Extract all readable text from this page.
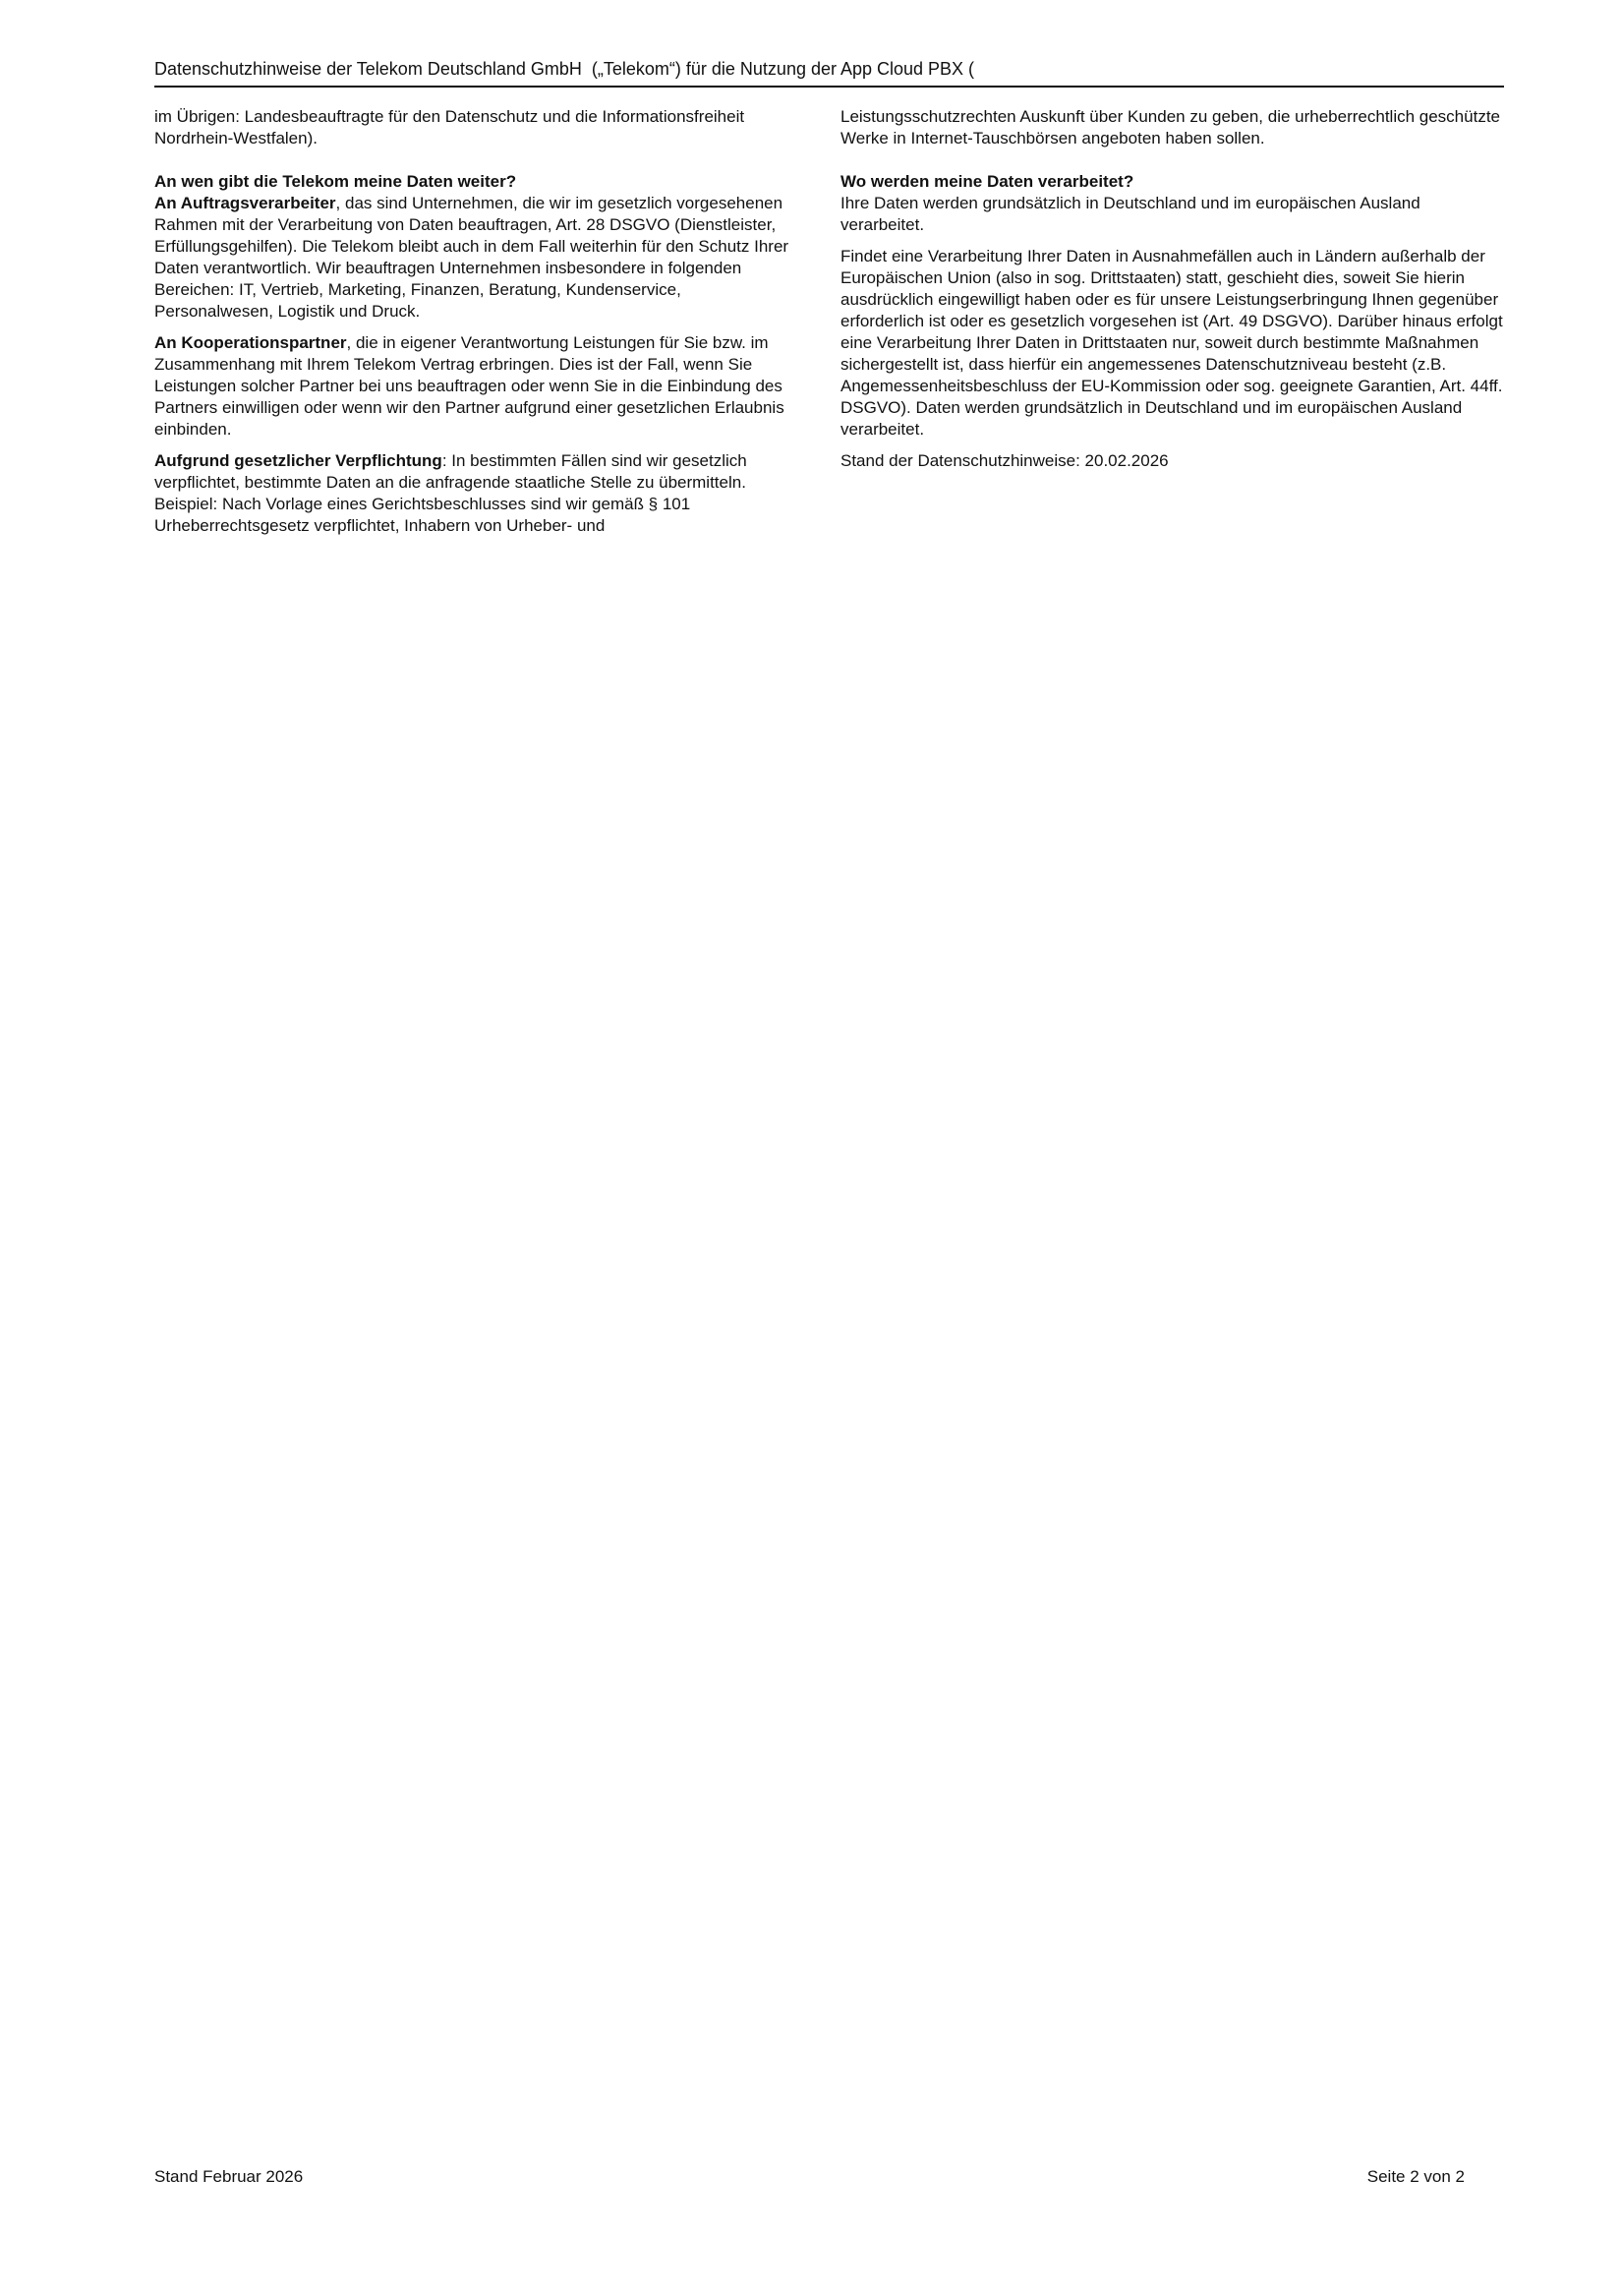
Datenschutzhinweise der Telekom Deutschland GmbH  („Telekom“) für die Nutzung der App Cloud PBX (

im Übrigen: Landesbeauftragte für den Datenschutz und die Informationsfreiheit Nordrhein-Westfalen).

An wen gibt die Telekom meine Daten weiter?

An Auftragsverarbeiter, das sind Unternehmen, die wir im gesetzlich vorgesehenen Rahmen mit der Verarbeitung von Daten beauftragen, Art. 28 DSGVO (Dienstleister, Erfüllungsgehilfen). Die Telekom bleibt auch in dem Fall weiterhin für den Schutz Ihrer Daten verantwortlich. Wir beauftragen Unternehmen insbesondere in folgenden Bereichen: IT, Vertrieb, Marketing, Finanzen, Beratung, Kundenservice, Personalwesen, Logistik und Druck.

An Kooperationspartner, die in eigener Verantwortung Leistungen für Sie bzw. im Zusammenhang mit Ihrem Telekom Vertrag erbringen. Dies ist der Fall, wenn Sie Leistungen solcher Partner bei uns beauftragen oder wenn Sie in die Einbindung des Partners einwilligen oder wenn wir den Partner aufgrund einer gesetzlichen Erlaubnis einbinden.

Aufgrund gesetzlicher Verpflichtung: In bestimmten Fällen sind wir gesetzlich verpflichtet, bestimmte Daten an die anfragende staatliche Stelle zu übermitteln. Beispiel: Nach Vorlage eines Gerichtsbeschlusses sind wir gemäß § 101 Urheberrechtsgesetz verpflichtet, Inhabern von Urheber- und

Leistungsschutzrechten Auskunft über Kunden zu geben, die urheberrechtlich geschützte Werke in Internet-Tauschbörsen angeboten haben sollen.

Wo werden meine Daten verarbeitet?

Ihre Daten werden grundsätzlich in Deutschland und im europäischen Ausland verarbeitet.

Findet eine Verarbeitung Ihrer Daten in Ausnahmefällen auch in Ländern außerhalb der Europäischen Union (also in sog. Drittstaaten) statt, geschieht dies, soweit Sie hierin ausdrücklich eingewilligt haben oder es für unsere Leistungserbringung Ihnen gegenüber erforderlich ist oder es gesetzlich vorgesehen ist (Art. 49 DSGVO). Darüber hinaus erfolgt eine Verarbeitung Ihrer Daten in Drittstaaten nur, soweit durch bestimmte Maßnahmen sichergestellt ist, dass hierfür ein angemessenes Datenschutzniveau besteht (z.B. Angemessenheitsbeschluss der EU-Kommission oder sog. geeignete Garantien, Art. 44ff. DSGVO). Daten werden grundsätzlich in Deutschland und im europäischen Ausland verarbeitet.

Stand der Datenschutzhinweise: 20.02.2026

Stand Februar 2026	Seite 2 von 2
